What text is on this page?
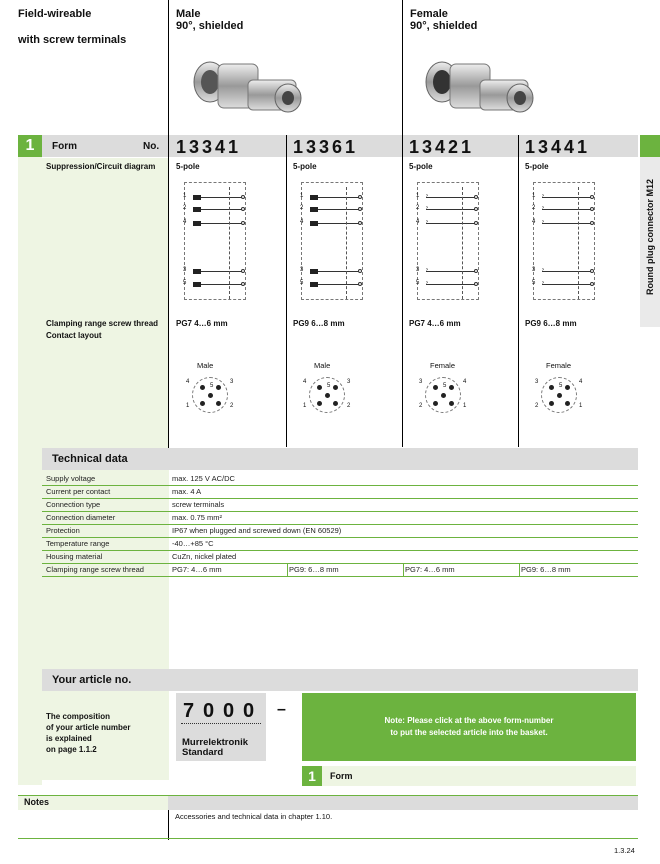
Field-wireable
with screw terminals
Male
90°, shielded
Female
90°, shielded
1	Form	No.
Round plug connector M12
13341	13361	13421	13441
Suppression/Circuit diagram	5-pole	5-pole	5-pole	5-pole
1
2
4
3
5
1
2
4
3
5
1 ›
2 ›
4 ›
3 ›
5 ›
1 ›
2 ›
4 ›
3 ›
5 ›
Clamping range screw thread PG7 4…6 mm	PG9 6…8 mm	PG7 4…6 mm	PG9 6…8 mm
Contact layout
Male
4	3
1	2
5
Male
4	3
1	2
5
Female
3	4
2	1
5
Female
3	4
2	1
5
Technical data
Supply voltage	max. 125 V AC/DC
Current per contact	max. 4 A
Connection type	screw terminals
Connection diameter	max. 0.75 mm²
Protection	IP67 when plugged and screwed down (EN 60529)
Temperature range	-40…+85 °C
Housing material	CuZn, nickel plated
Clamping range screw thread	PG7: 4…6 mm	PG9: 6…8 mm	PG7: 4…6 mm	PG9: 6…8 mm
Your article no.
The composition
of your article number
is explained
on page 1.1.2
7 0 0 0
Murrelektronik
Standard
–
Note: Please click at the above form-number
to put the selected article into the basket.
1	Form
Notes
Accessories and technical data in chapter 1.10.
1.3.24
